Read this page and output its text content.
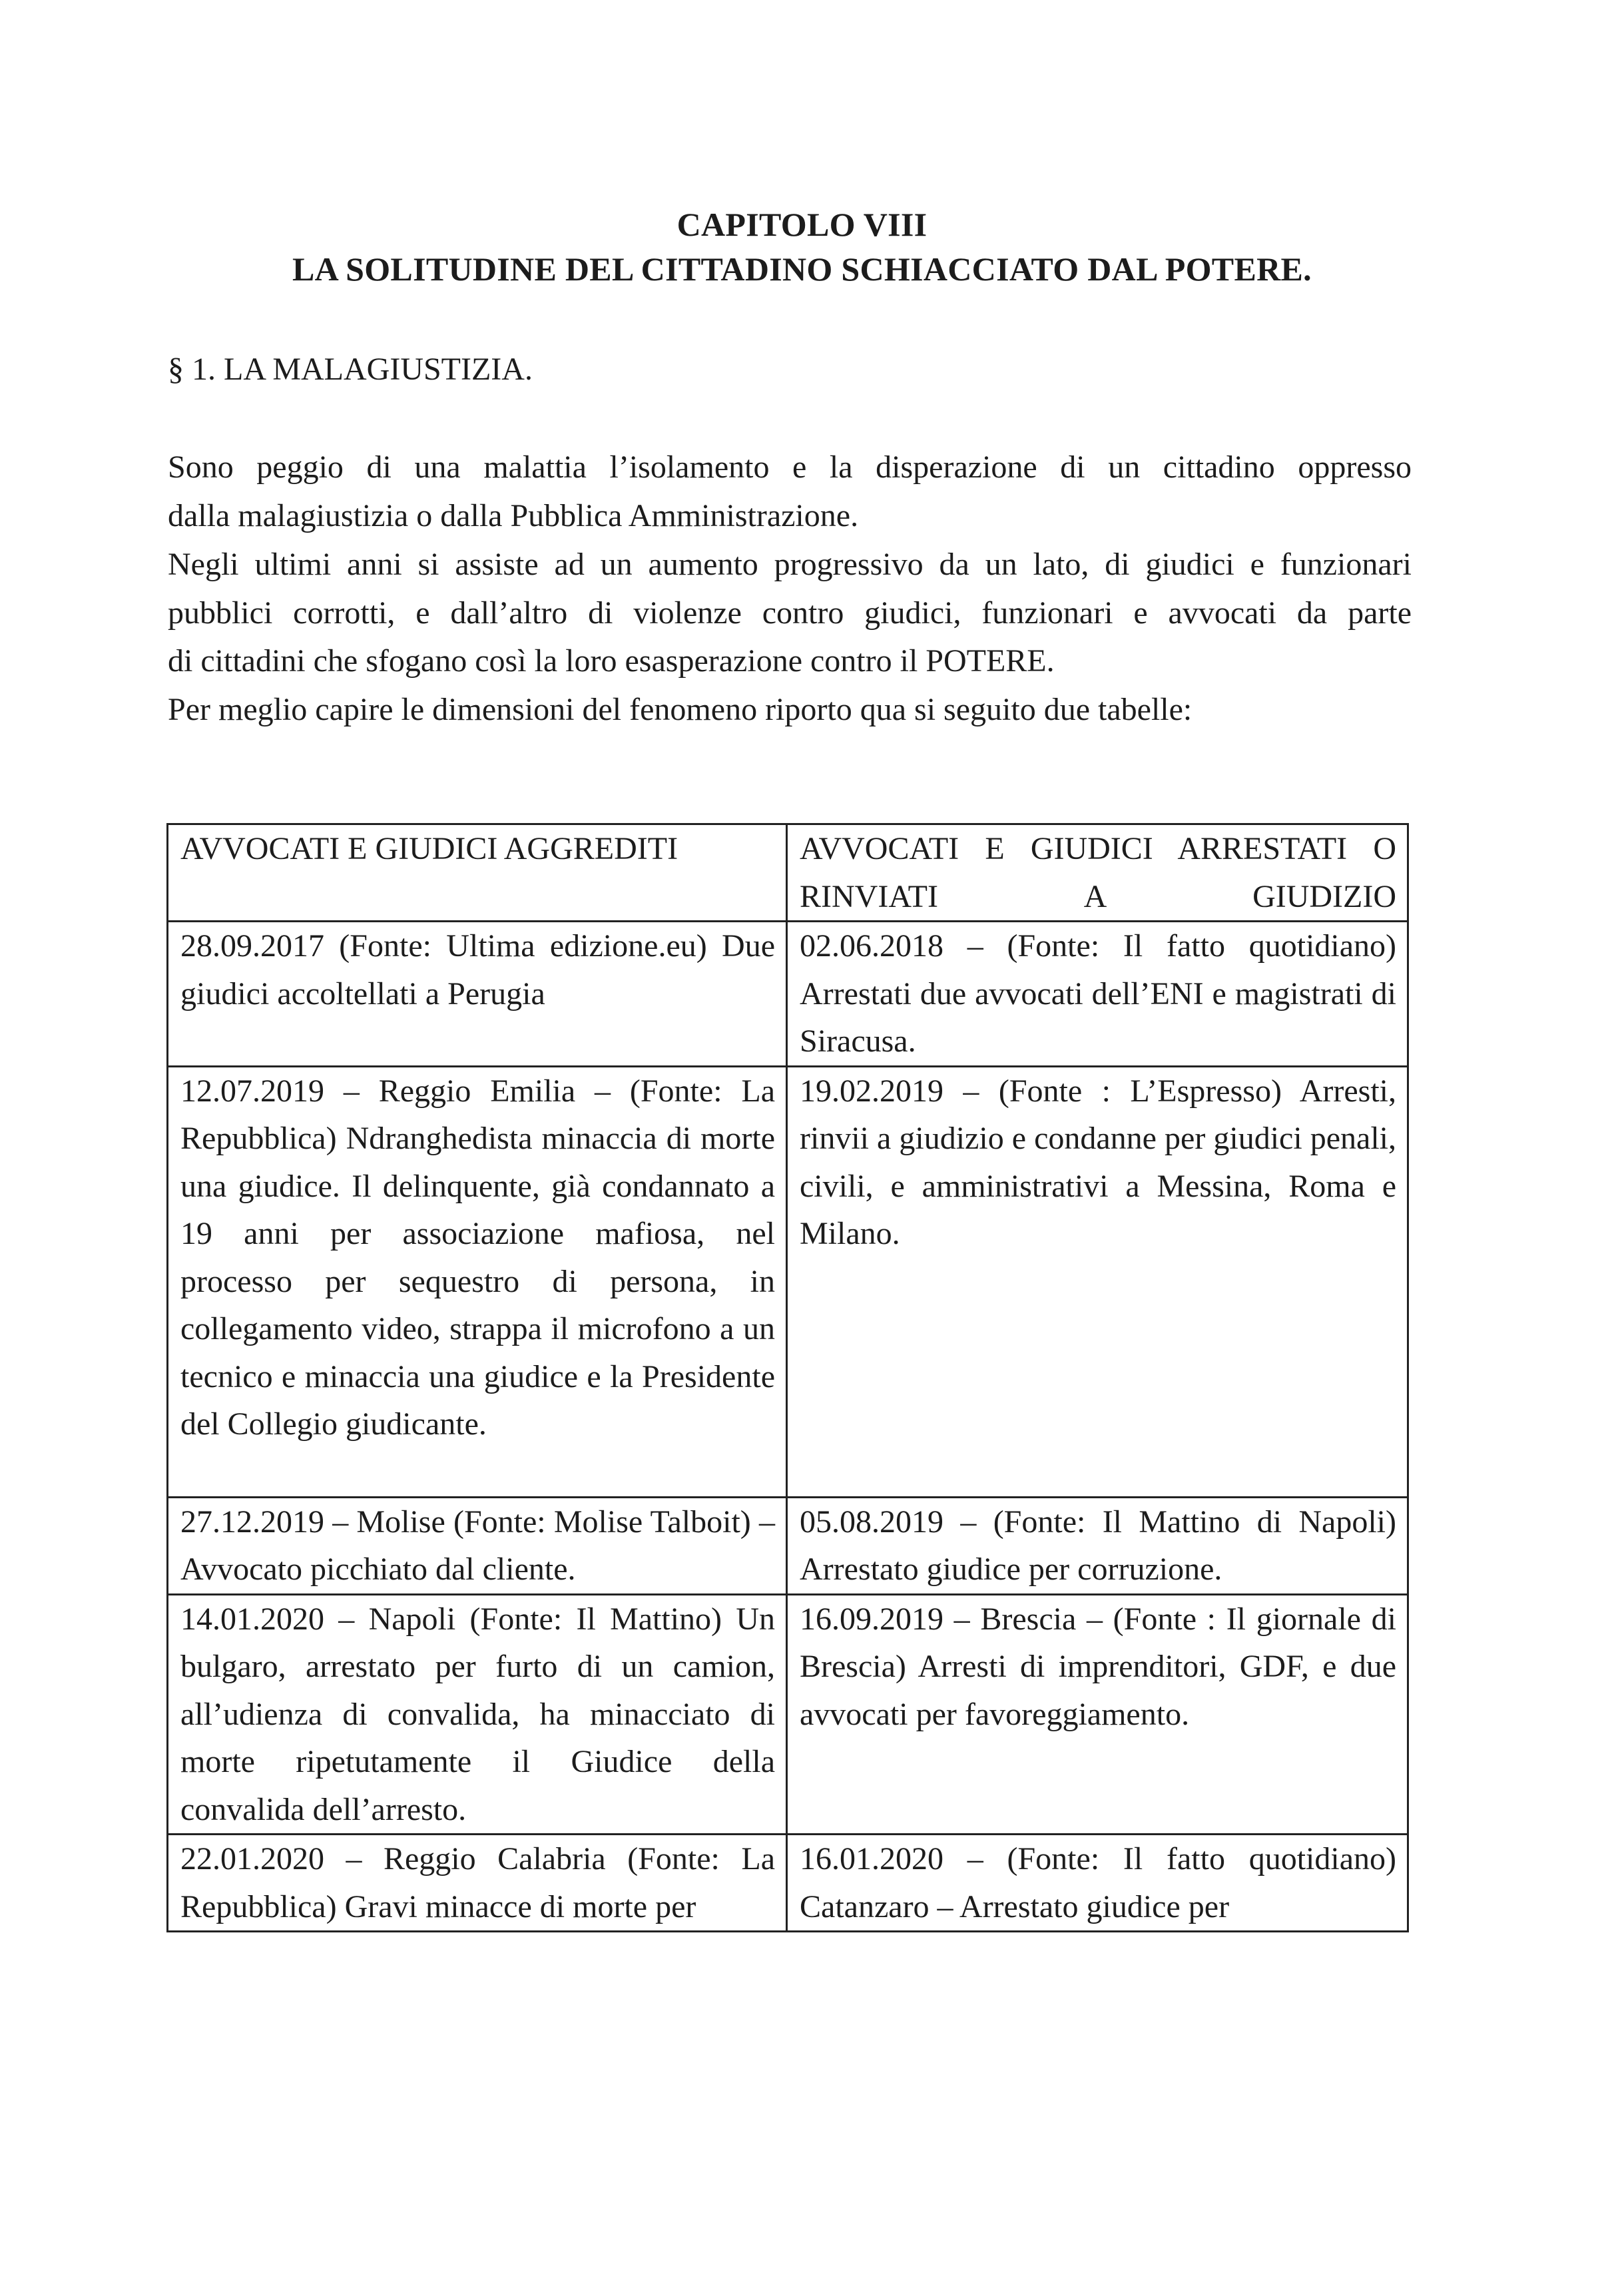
CAPITOLO VIII
LA SOLITUDINE DEL CITTADINO SCHIACCIATO DAL POTERE.
§ 1. LA MALAGIUSTIZIA.
Sono peggio di una malattia l’isolamento e la disperazione di un cittadino oppresso
dalla malagiustizia o dalla Pubblica Amministrazione.
Negli ultimi anni si assiste ad un aumento progressivo da un lato, di giudici e funzionari
pubblici corrotti, e dall’altro di violenze contro giudici, funzionari e avvocati da parte
di cittadini che sfogano così la loro esasperazione contro il POTERE.
Per meglio capire le dimensioni del fenomeno riporto qua si seguito due tabelle:
AVVOCATI E GIUDICI AGGREDITI	AVVOCATI E GIUDICI ARRESTATI O RINVIATI A GIUDIZIO

28.09.2017 (Fonte: Ultima edizione.eu) Due giudici accoltellati a Perugia	02.06.2018 – (Fonte: Il fatto quotidiano) Arrestati due avvocati dell’ENI e magistrati di Siracusa.

12.07.2019 – Reggio Emilia – (Fonte: La Repubblica) Ndranghedista minaccia di morte una giudice. Il delinquente, già condannato a 19 anni per associazione mafiosa, nel processo per sequestro di persona, in collegamento video, strappa il microfono a un tecnico e minaccia una giudice e la Presidente del Collegio giudicante.	19.02.2019 – (Fonte : L’Espresso) Arresti, rinvii a giudizio e condanne per giudici penali, civili, e amministrativi a Messina, Roma e Milano.

27.12.2019 – Molise (Fonte: Molise Talboit) – Avvocato picchiato dal cliente.	05.08.2019 – (Fonte: Il Mattino di Napoli) Arrestato giudice per corruzione.

14.01.2020 – Napoli (Fonte: Il Mattino) Un bulgaro, arrestato per furto di un camion, all’udienza di convalida, ha minacciato di morte ripetutamente il Giudice della convalida dell’arresto.	16.09.2019 – Brescia – (Fonte : Il giornale di Brescia) Arresti di imprenditori, GDF, e due avvocati per favoreggiamento.

22.01.2020 – Reggio Calabria (Fonte: La Repubblica) Gravi minacce di morte per	16.01.2020 – (Fonte: Il fatto quotidiano) Catanzaro – Arrestato giudice per
